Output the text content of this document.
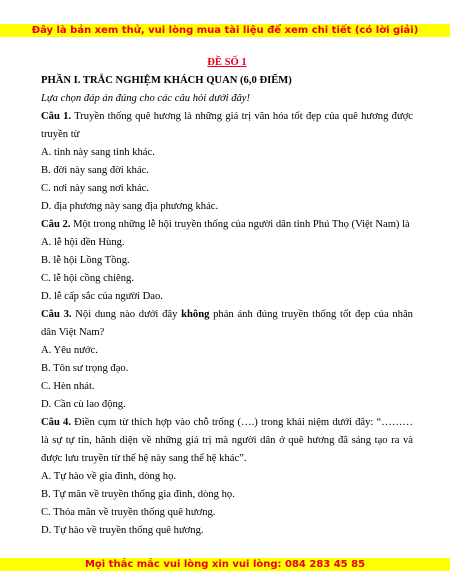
Đây là bản xem thử, vui lòng mua tài liệu để xem chi tiết (có lời giải)
ĐỀ SỐ 1
PHẦN I. TRẮC NGHIỆM KHÁCH QUAN (6,0 ĐIỂM)
Lựa chọn đáp án đúng cho các câu hỏi dưới đây!
Câu 1. Truyền thống quê hương là những giá trị văn hóa tốt đẹp của quê hương được truyền từ
A. tỉnh này sang tỉnh khác.
B. đời này sang đời khác.
C. nơi này sang nơi khác.
D. địa phương này sang địa phương khác.
Câu 2. Một trong những lễ hội truyền thống của người dân tỉnh Phú Thọ (Việt Nam) là
A. lễ hội đền Hùng.
B. lễ hội Lồng Tồng.
C. lễ hội cồng chiêng.
D. lễ cấp sắc của người Dao.
Câu 3. Nội dung nào dưới đây không phản ánh đúng truyền thống tốt đẹp của nhân dân Việt Nam?
A. Yêu nước.
B. Tôn sư trọng đạo.
C. Hèn nhát.
D. Cần cù lao động.
Câu 4. Điền cụm từ thích hợp vào chỗ trống (….) trong khái niệm dưới đây: “……… là sự tự tin, hãnh diện về những giá trị mà người dân ở quê hương đã sáng tạo ra và được lưu truyền từ thế hệ này sang thế hệ khác”.
A. Tự hào về gia đình, dòng họ.
B. Tự mãn về truyền thống gia đình, dòng họ.
C. Thỏa mãn về truyền thống quê hương.
D. Tự hào về truyền thống quê hương.
Mọi thắc mắc vui lòng xin vui lòng: 084 283 45 85
